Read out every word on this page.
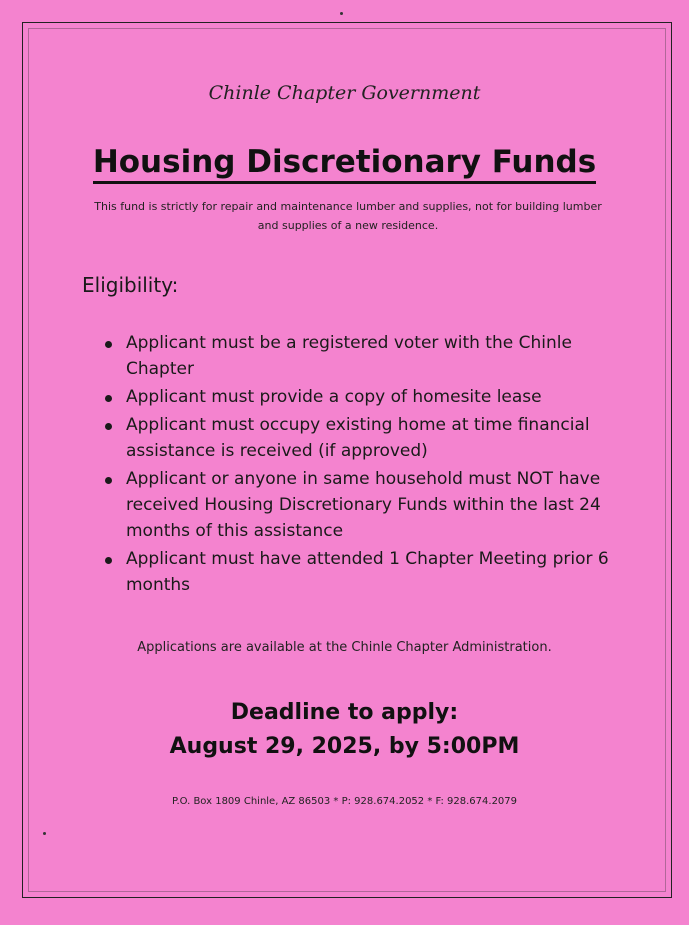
Chinle Chapter Government
Housing Discretionary Funds
This fund is strictly for repair and maintenance lumber and supplies, not for building lumber and supplies of a new residence.
Eligibility:
Applicant must be a registered voter with the Chinle Chapter
Applicant must provide a copy of homesite lease
Applicant must occupy existing home at time financial assistance is received (if approved)
Applicant or anyone in same household must NOT have received Housing Discretionary Funds within the last 24 months of this assistance
Applicant must have attended 1 Chapter Meeting prior 6 months
Applications are available at the Chinle Chapter Administration.
Deadline to apply:
August 29, 2025, by 5:00PM
P.O. Box 1809 Chinle, AZ 86503 * P: 928.674.2052 * F: 928.674.2079
